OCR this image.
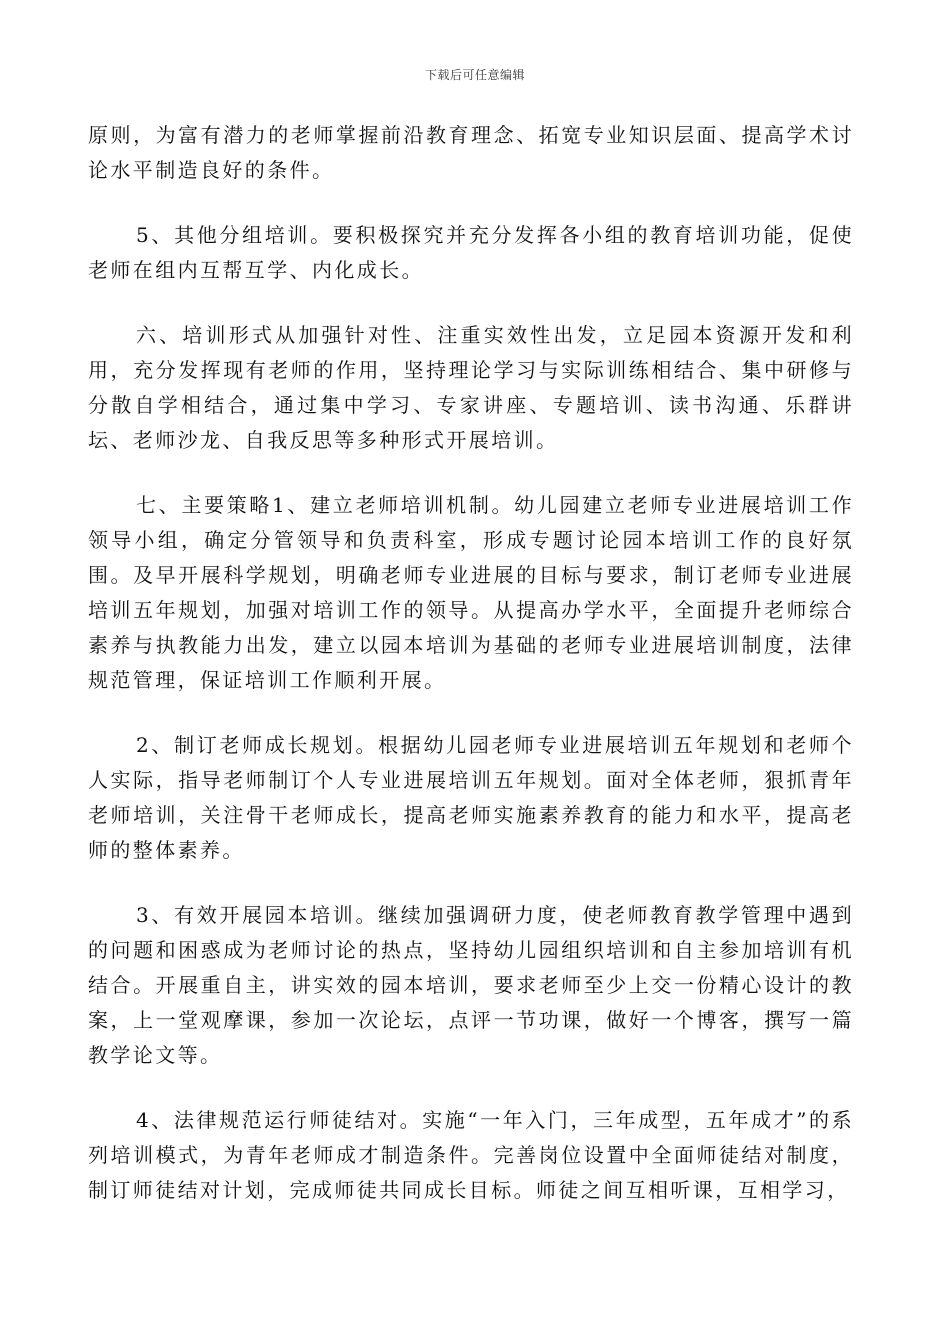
下载后可任意编辑

原则，为富有潜力的老师掌握前沿教育理念、拓宽专业知识层面、提高学术讨论水平制造良好的条件。

5、其他分组培训。要积极探究并充分发挥各小组的教育培训功能，促使老师在组内互帮互学、内化成长。

六、培训形式从加强针对性、注重实效性出发，立足园本资源开发和利用，充分发挥现有老师的作用，坚持理论学习与实际训练相结合、集中研修与分散自学相结合，通过集中学习、专家讲座、专题培训、读书沟通、乐群讲坛、老师沙龙、自我反思等多种形式开展培训。

七、主要策略1、建立老师培训机制。幼儿园建立老师专业进展培训工作领导小组，确定分管领导和负责科室，形成专题讨论园本培训工作的良好氛围。及早开展科学规划，明确老师专业进展的目标与要求，制订老师专业进展培训五年规划，加强对培训工作的领导。从提高办学水平，全面提升老师综合素养与执教能力出发，建立以园本培训为基础的老师专业进展培训制度，法律规范管理，保证培训工作顺利开展。

2、制订老师成长规划。根据幼儿园老师专业进展培训五年规划和老师个人实际，指导老师制订个人专业进展培训五年规划。面对全体老师，狠抓青年老师培训，关注骨干老师成长，提高老师实施素养教育的能力和水平，提高老师的整体素养。

3、有效开展园本培训。继续加强调研力度，使老师教育教学管理中遇到的问题和困惑成为老师讨论的热点，坚持幼儿园组织培训和自主参加培训有机结合。开展重自主，讲实效的园本培训，要求老师至少上交一份精心设计的教案，上一堂观摩课，参加一次论坛，点评一节功课，做好一个博客，撰写一篇教学论文等。

4、法律规范运行师徒结对。实施“一年入门，三年成型，五年成才”的系列培训模式，为青年老师成才制造条件。完善岗位设置中全面师徒结对制度，制订师徒结对计划，完成师徒共同成长目标。师徒之间互相听课，互相学习，
